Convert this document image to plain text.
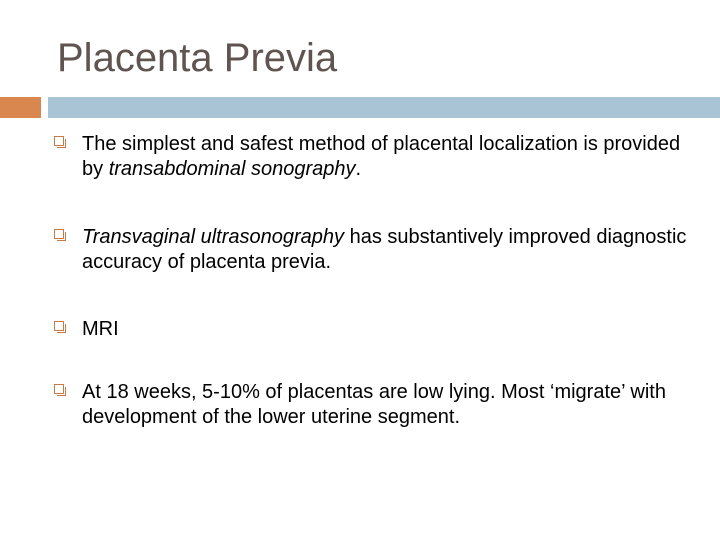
Placenta Previa
The simplest and safest method of placental localization is provided by transabdominal sonography.
Transvaginal ultrasonography has substantively improved diagnostic accuracy of placenta previa.
MRI
At 18 weeks, 5-10% of placentas are low lying. Most ‘migrate’ with development of the lower uterine segment.
